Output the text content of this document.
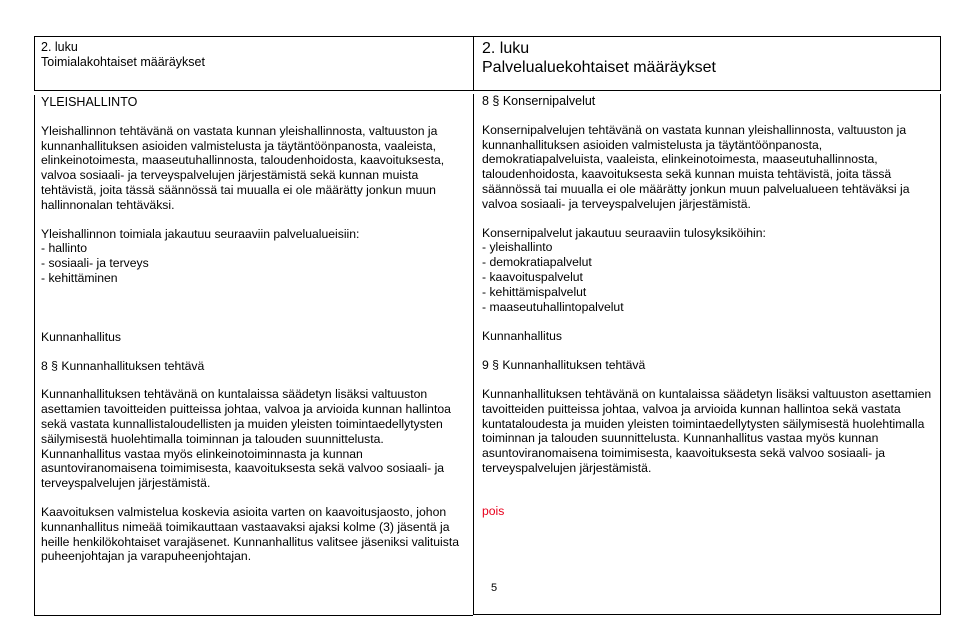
2. luku
Toimialakohtaiset määräykset
YLEISHALLINTO

Yleishallinnon tehtävänä on vastata kunnan yleishallinnosta, valtuuston ja kunnanhallituksen asioiden valmistelusta ja täytäntöönpanosta, vaaleista, elinkeinotoimesta, maaseutuhallinnosta, taloudenhoidosta, kaavoituksesta, valvoa sosiaali- ja terveyspalvelujen järjestämistä sekä kunnan muista tehtävistä, joita tässä säännössä tai muualla ei ole määrätty jonkun muun hallinnonalan tehtäväksi.

Yleishallinnon toimiala jakautuu seuraaviin palvelualueisiin:

- hallinto
- sosiaali- ja terveys
- kehittäminen
Kunnanhallitus
8 § Kunnanhallituksen tehtävä

Kunnanhallituksen tehtävänä on kuntalaissa säädetyn lisäksi valtuuston asettamien tavoitteiden puitteissa johtaa, valvoa ja arvioida kunnan hallintoa sekä vastata kunnallistaloudellisten ja muiden yleisten toimintaedellytysten säilymisestä huolehtimalla toiminnan ja talouden suunnittelusta. Kunnanhallitus vastaa myös elinkeinotoiminnasta ja kunnan asuntoviranomaisena toimimisesta, kaavoituksesta sekä valvoo sosiaali- ja terveyspalvelujen järjestämistä.

Kaavoituksen valmistelua koskevia asioita varten on kaavoitusjaosto, johon kunnanhallitus nimeää toimikauttaan vastaavaksi ajaksi kolme (3) jäsentä ja heille henkilökohtaiset varajäsenet. Kunnanhallitus valitsee jäseniksi valituista puheenjohtajan ja varapuheenjohtajan.

2. luku
Palvelualuekohtaiset määräykset
8 § Konsernipalvelut

Konsernipalvelujen tehtävänä on vastata kunnan yleishallinnosta, valtuuston ja kunnanhallituksen asioiden valmistelusta ja täytäntöönpanosta, demokratiapalveluista, vaaleista, elinkeinotoimesta, maaseutuhallinnosta, taloudenhoidosta, kaavoituksesta sekä kunnan muista tehtävistä, joita tässä säännössä tai muualla ei ole määrätty jonkun muun palvelualueen tehtäväksi ja valvoa sosiaali- ja terveyspalvelujen järjestämistä.

Konsernipalvelut jakautuu seuraaviin tulosyksiköihin:

- yleishallinto
- demokratiapalvelut
- kaavoituspalvelut
- kehittämispalvelut
- maaseutuhallintopalvelut
Kunnanhallitus
9 § Kunnanhallituksen tehtävä

Kunnanhallituksen tehtävänä on kuntalaissa säädetyn lisäksi valtuuston asettamien tavoitteiden puitteissa johtaa, valvoa ja arvioida kunnan hallintoa sekä vastata kuntataloudesta ja muiden yleisten toimintaedellytysten säilymisestä huolehtimalla toiminnan ja talouden suunnittelusta. Kunnanhallitus vastaa myös kunnan asuntoviranomaisena toimimisesta, kaavoituksesta sekä valvoo sosiaali- ja terveyspalvelujen järjestämistä.

pois
5
